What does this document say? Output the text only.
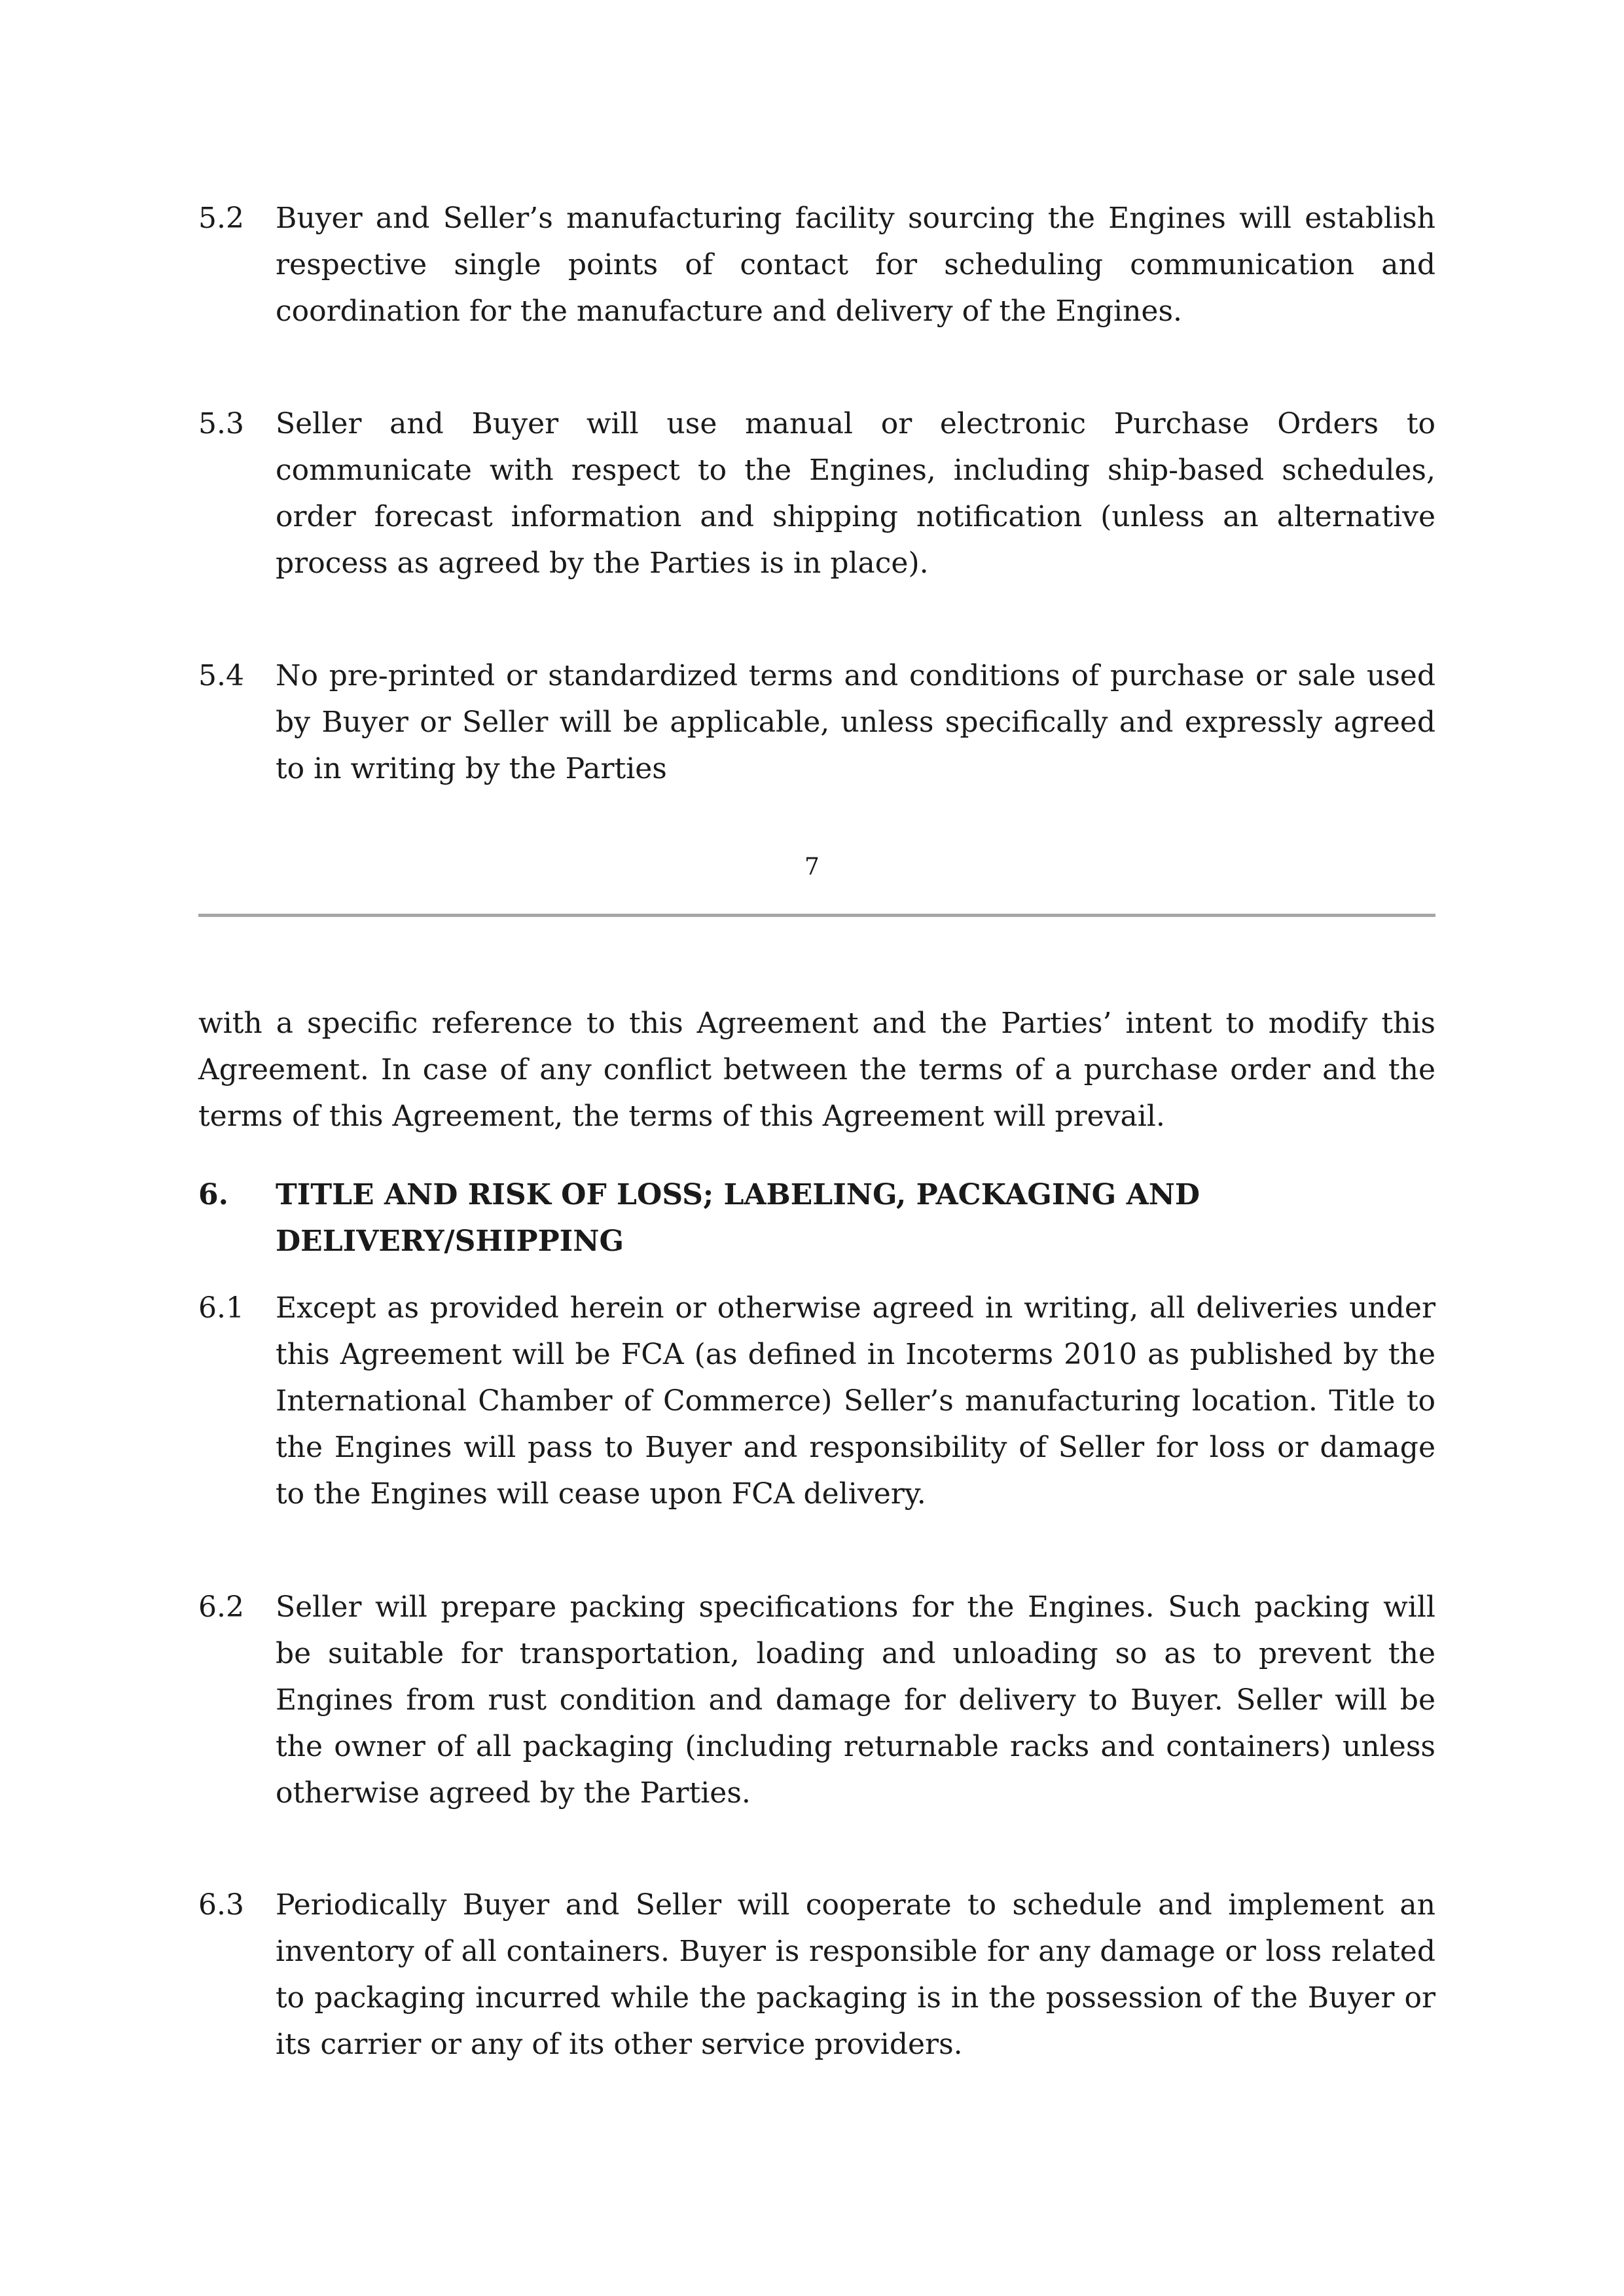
5.2 Buyer and Seller’s manufacturing facility sourcing the Engines will establish respective single points of contact for scheduling communication and coordination for the manufacture and delivery of the Engines.
5.3 Seller and Buyer will use manual or electronic Purchase Orders to communicate with respect to the Engines, including ship-based schedules, order forecast information and shipping notification (unless an alternative process as agreed by the Parties is in place).
5.4 No pre-printed or standardized terms and conditions of purchase or sale used by Buyer or Seller will be applicable, unless specifically and expressly agreed to in writing by the Parties
7
with a specific reference to this Agreement and the Parties’ intent to modify this Agreement. In case of any conflict between the terms of a purchase order and the terms of this Agreement, the terms of this Agreement will prevail.
6. TITLE AND RISK OF LOSS; LABELING, PACKAGING AND DELIVERY/SHIPPING
6.1 Except as provided herein or otherwise agreed in writing, all deliveries under this Agreement will be FCA (as defined in Incoterms 2010 as published by the International Chamber of Commerce) Seller’s manufacturing location. Title to the Engines will pass to Buyer and responsibility of Seller for loss or damage to the Engines will cease upon FCA delivery.
6.2 Seller will prepare packing specifications for the Engines. Such packing will be suitable for transportation, loading and unloading so as to prevent the Engines from rust condition and damage for delivery to Buyer. Seller will be the owner of all packaging (including returnable racks and containers) unless otherwise agreed by the Parties.
6.3 Periodically Buyer and Seller will cooperate to schedule and implement an inventory of all containers. Buyer is responsible for any damage or loss related to packaging incurred while the packaging is in the possession of the Buyer or its carrier or any of its other service providers.
